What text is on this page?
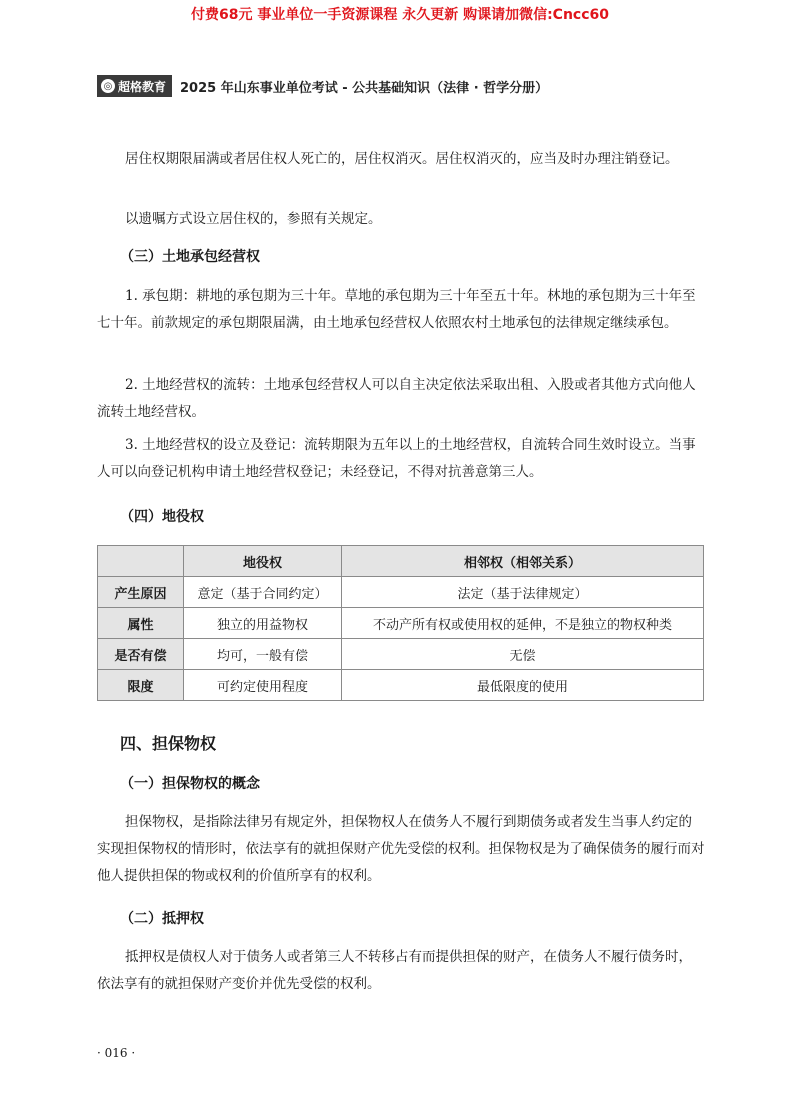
付费68元 事业单位一手资源课程 永久更新 购课请加微信:Cncc60
◎ 超格教育 2025 年山东事业单位考试 - 公共基础知识（法律 · 哲学分册）

居住权期限届满或者居住权人死亡的，居住权消灭。居住权消灭的，应当及时办理注销登记。

以遗嘱方式设立居住权的，参照有关规定。

（三）土地承包经营权

1. 承包期：耕地的承包期为三十年。草地的承包期为三十年至五十年。林地的承包期为三十年至七十年。前款规定的承包期限届满，由土地承包经营权人依照农村土地承包的法律规定继续承包。

2. 土地经营权的流转：土地承包经营权人可以自主决定依法采取出租、入股或者其他方式向他人流转土地经营权。

3. 土地经营权的设立及登记：流转期限为五年以上的土地经营权，自流转合同生效时设立。当事人可以向登记机构申请土地经营权登记；未经登记，不得对抗善意第三人。

（四）地役权
	地役权	相邻权（相邻关系）
产生原因	意定（基于合同约定）	法定（基于法律规定）
属性	独立的用益物权	不动产所有权或使用权的延伸，不是独立的物权种类
是否有偿	均可，一般有偿	无偿
限度	可约定使用程度	最低限度的使用
四、担保物权
（一）担保物权的概念

担保物权，是指除法律另有规定外，担保物权人在债务人不履行到期债务或者发生当事人约定的实现担保物权的情形时，依法享有的就担保财产优先受偿的权利。担保物权是为了确保债务的履行而对他人提供担保的物或权利的价值所享有的权利。

（二）抵押权

抵押权是债权人对于债务人或者第三人不转移占有而提供担保的财产，在债务人不履行债务时，依法享有的就担保财产变价并优先受偿的权利。

· 016 ·
